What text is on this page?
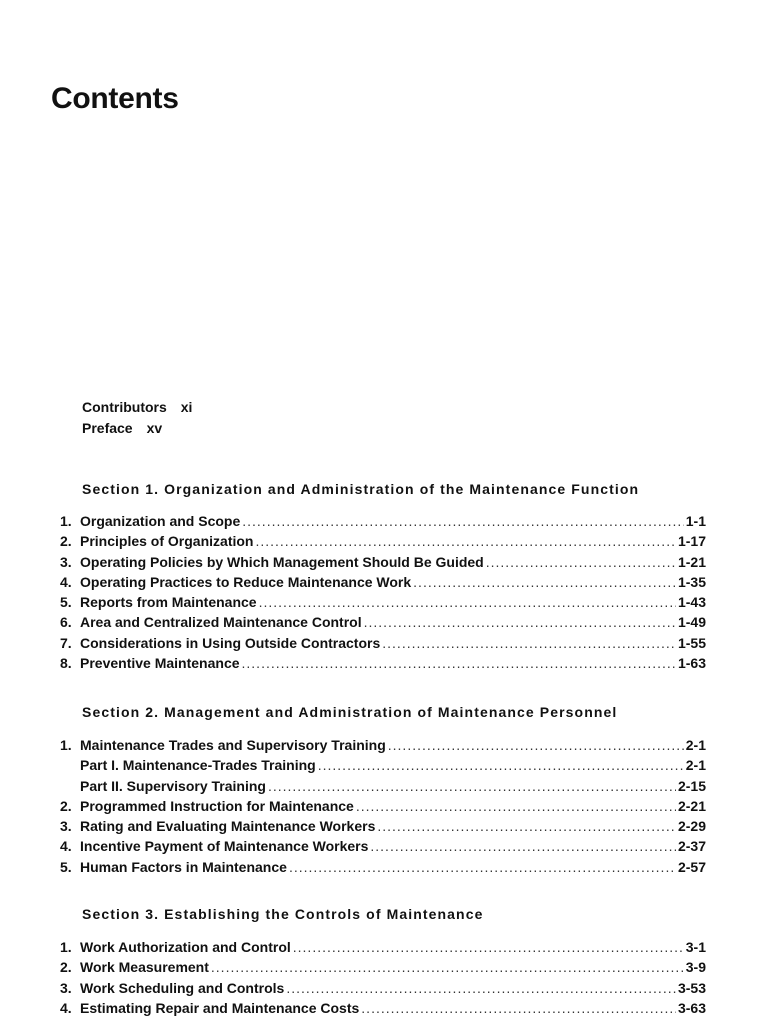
Contents
Contributors xi
Preface xv
Section 1. Organization and Administration of the Maintenance Function
1. Organization and Scope .....	1-1
2. Principles of Organization .....	1-17
3. Operating Policies by Which Management Should Be Guided .....	1-21
4. Operating Practices to Reduce Maintenance Work .....	1-35
5. Reports from Maintenance .....	1-43
6. Area and Centralized Maintenance Control .....	1-49
7. Considerations in Using Outside Contractors .....	1-55
8. Preventive Maintenance .....	1-63
Section 2. Management and Administration of Maintenance Personnel
1. Maintenance Trades and Supervisory Training .....	2-1
Part I. Maintenance-Trades Training .....	2-1
Part II. Supervisory Training .....	2-15
2. Programmed Instruction for Maintenance .....	2-21
3. Rating and Evaluating Maintenance Workers .....	2-29
4. Incentive Payment of Maintenance Workers .....	2-37
5. Human Factors in Maintenance .....	2-57
Section 3. Establishing the Controls of Maintenance
1. Work Authorization and Control .....	3-1
2. Work Measurement .....	3-9
3. Work Scheduling and Controls .....	3-53
4. Estimating Repair and Maintenance Costs .....	3-63
